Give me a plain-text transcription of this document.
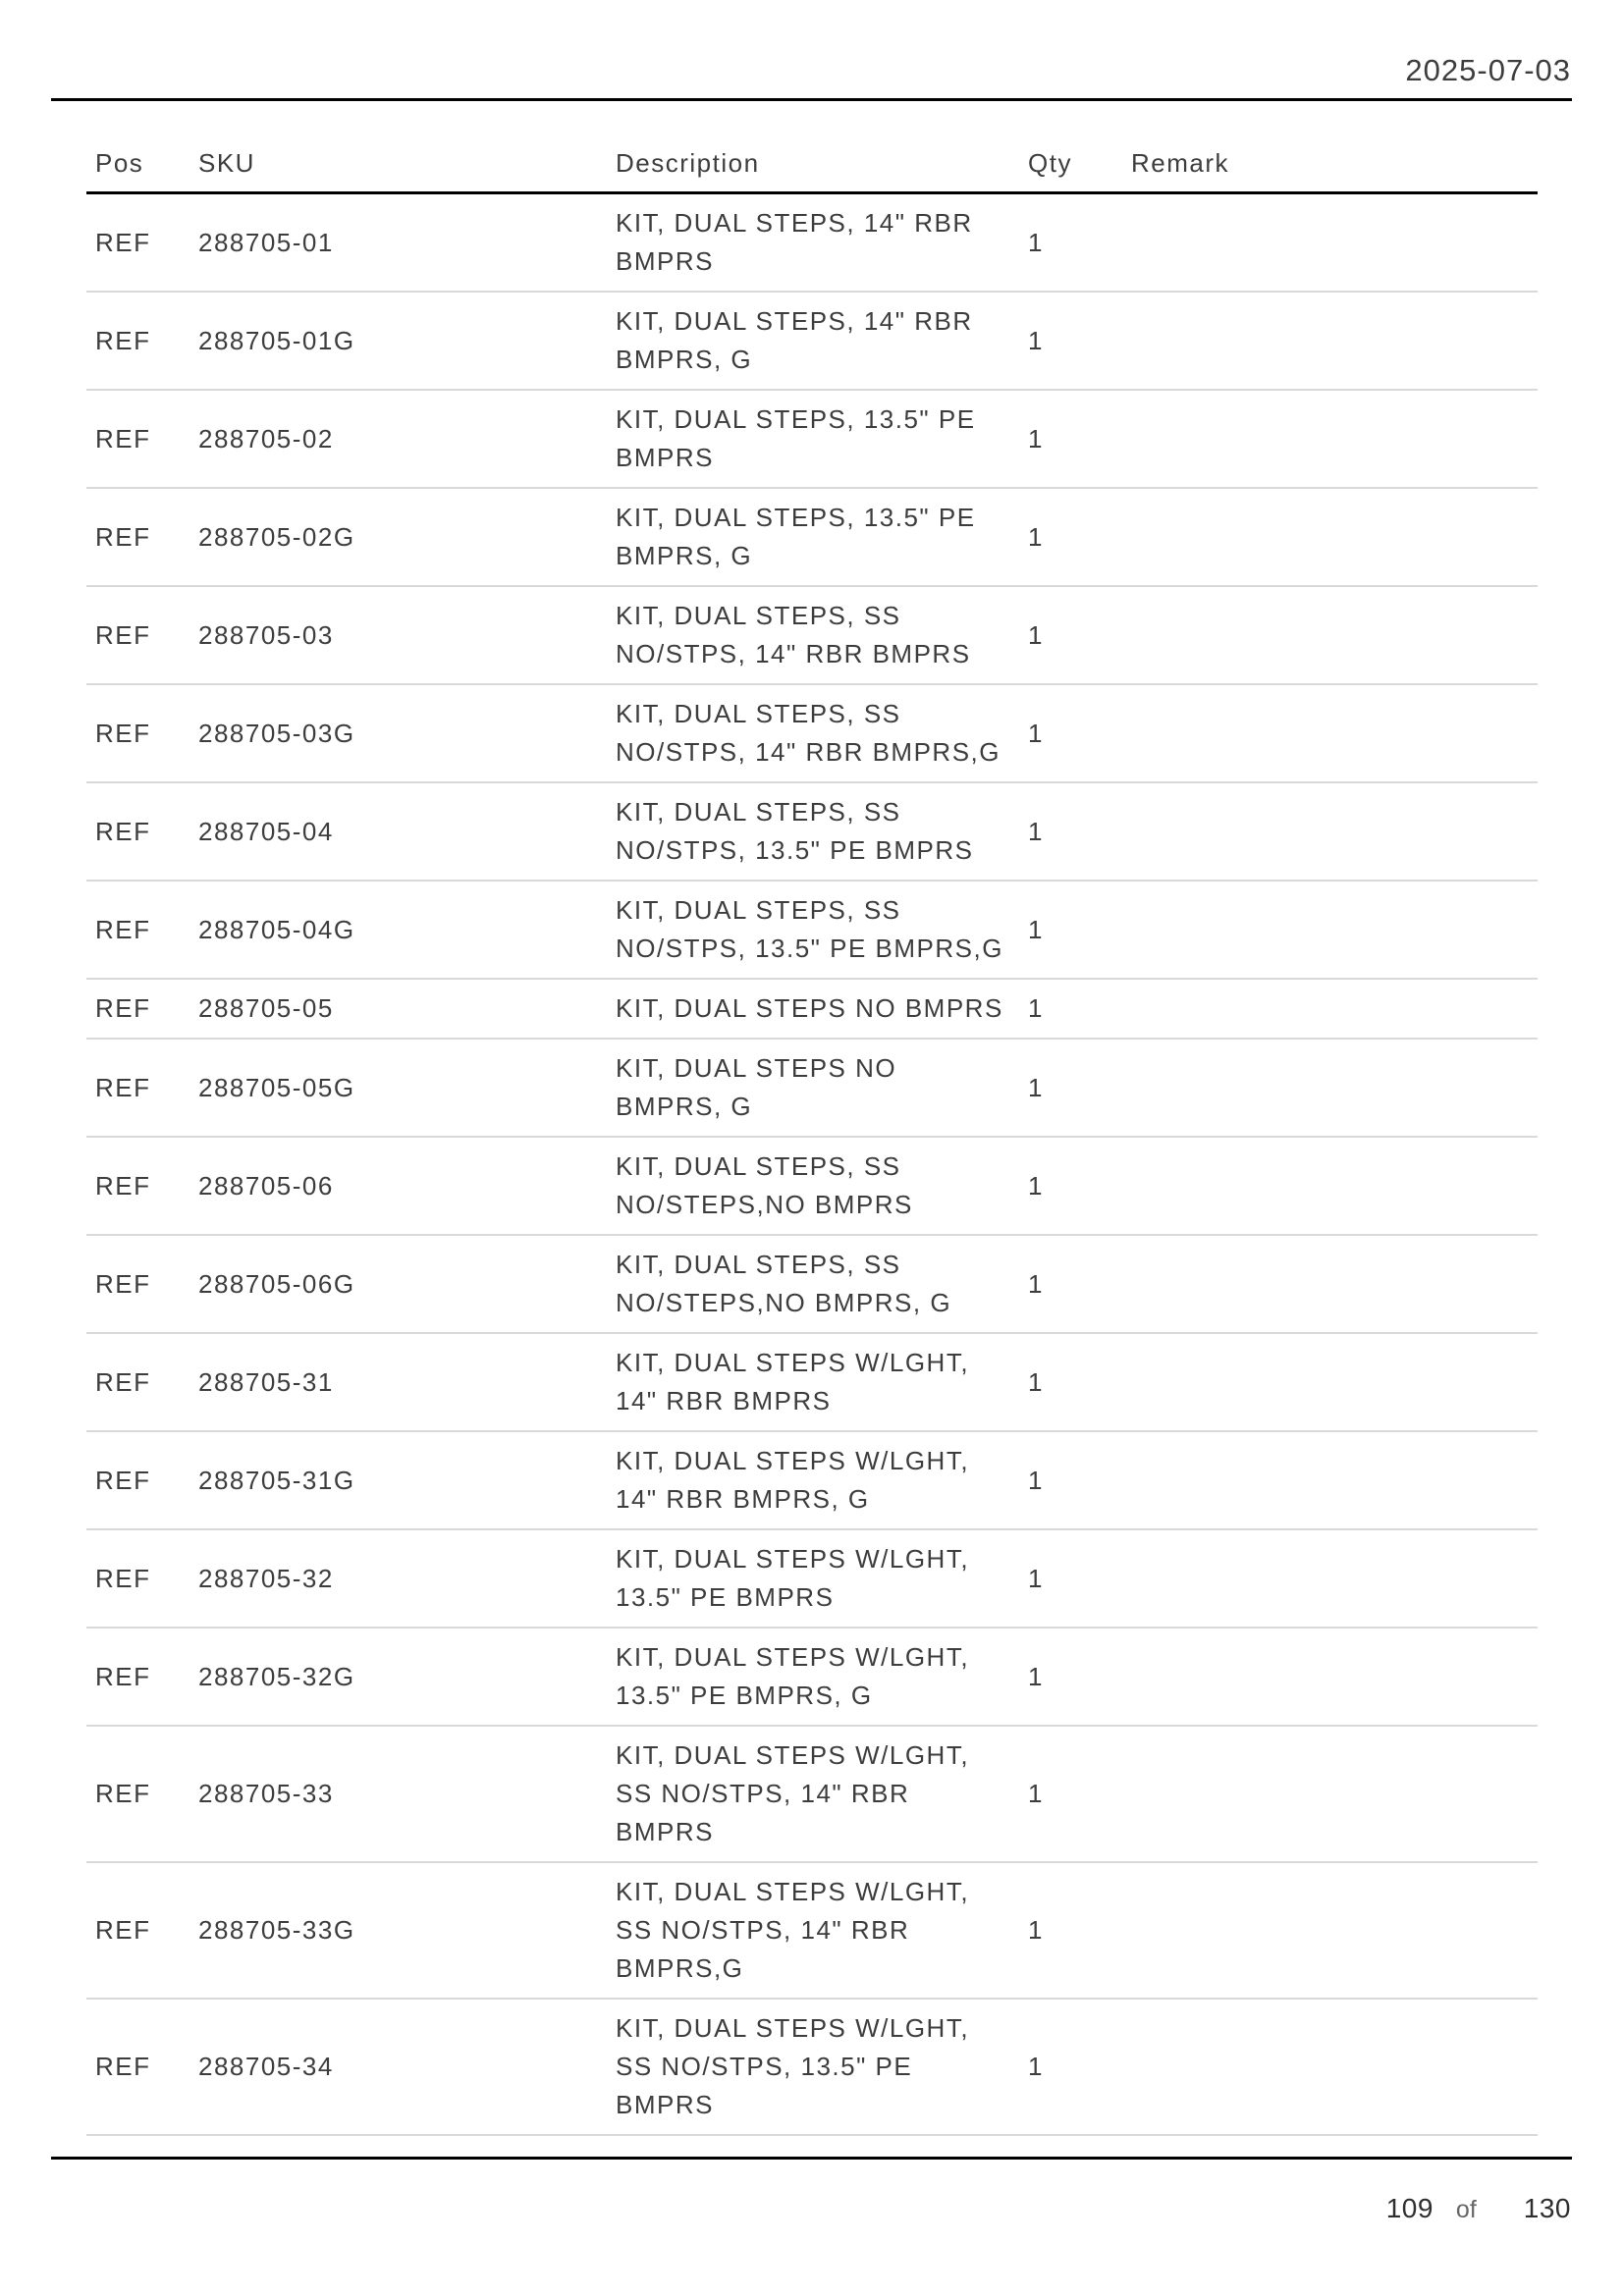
2025-07-03
Pos	SKU	Description	Qty	Remark
REF	288705-01	KIT, DUAL STEPS, 14" RBR BMPRS	1	
REF	288705-01G	KIT, DUAL STEPS, 14" RBR BMPRS, G	1	
REF	288705-02	KIT, DUAL STEPS, 13.5" PE BMPRS	1	
REF	288705-02G	KIT, DUAL STEPS, 13.5" PE BMPRS, G	1	
REF	288705-03	KIT, DUAL STEPS, SS NO/STPS, 14" RBR BMPRS	1	
REF	288705-03G	KIT, DUAL STEPS, SS NO/STPS, 14" RBR BMPRS,G	1	
REF	288705-04	KIT, DUAL STEPS, SS NO/STPS, 13.5" PE BMPRS	1	
REF	288705-04G	KIT, DUAL STEPS, SS NO/STPS, 13.5" PE BMPRS,G	1	
REF	288705-05	KIT, DUAL STEPS NO BMPRS	1	
REF	288705-05G	KIT, DUAL STEPS NO BMPRS, G	1	
REF	288705-06	KIT, DUAL STEPS, SS NO/STEPS,NO BMPRS	1	
REF	288705-06G	KIT, DUAL STEPS, SS NO/STEPS,NO BMPRS, G	1	
REF	288705-31	KIT, DUAL STEPS W/LGHT, 14" RBR BMPRS	1	
REF	288705-31G	KIT, DUAL STEPS W/LGHT, 14" RBR BMPRS, G	1	
REF	288705-32	KIT, DUAL STEPS W/LGHT, 13.5" PE BMPRS	1	
REF	288705-32G	KIT, DUAL STEPS W/LGHT, 13.5" PE BMPRS, G	1	
REF	288705-33	KIT, DUAL STEPS W/LGHT, SS NO/STPS, 14" RBR BMPRS	1	
REF	288705-33G	KIT, DUAL STEPS W/LGHT, SS NO/STPS, 14" RBR BMPRS,G	1	
REF	288705-34	KIT, DUAL STEPS W/LGHT, SS NO/STPS, 13.5" PE BMPRS	1	
109 of 130
